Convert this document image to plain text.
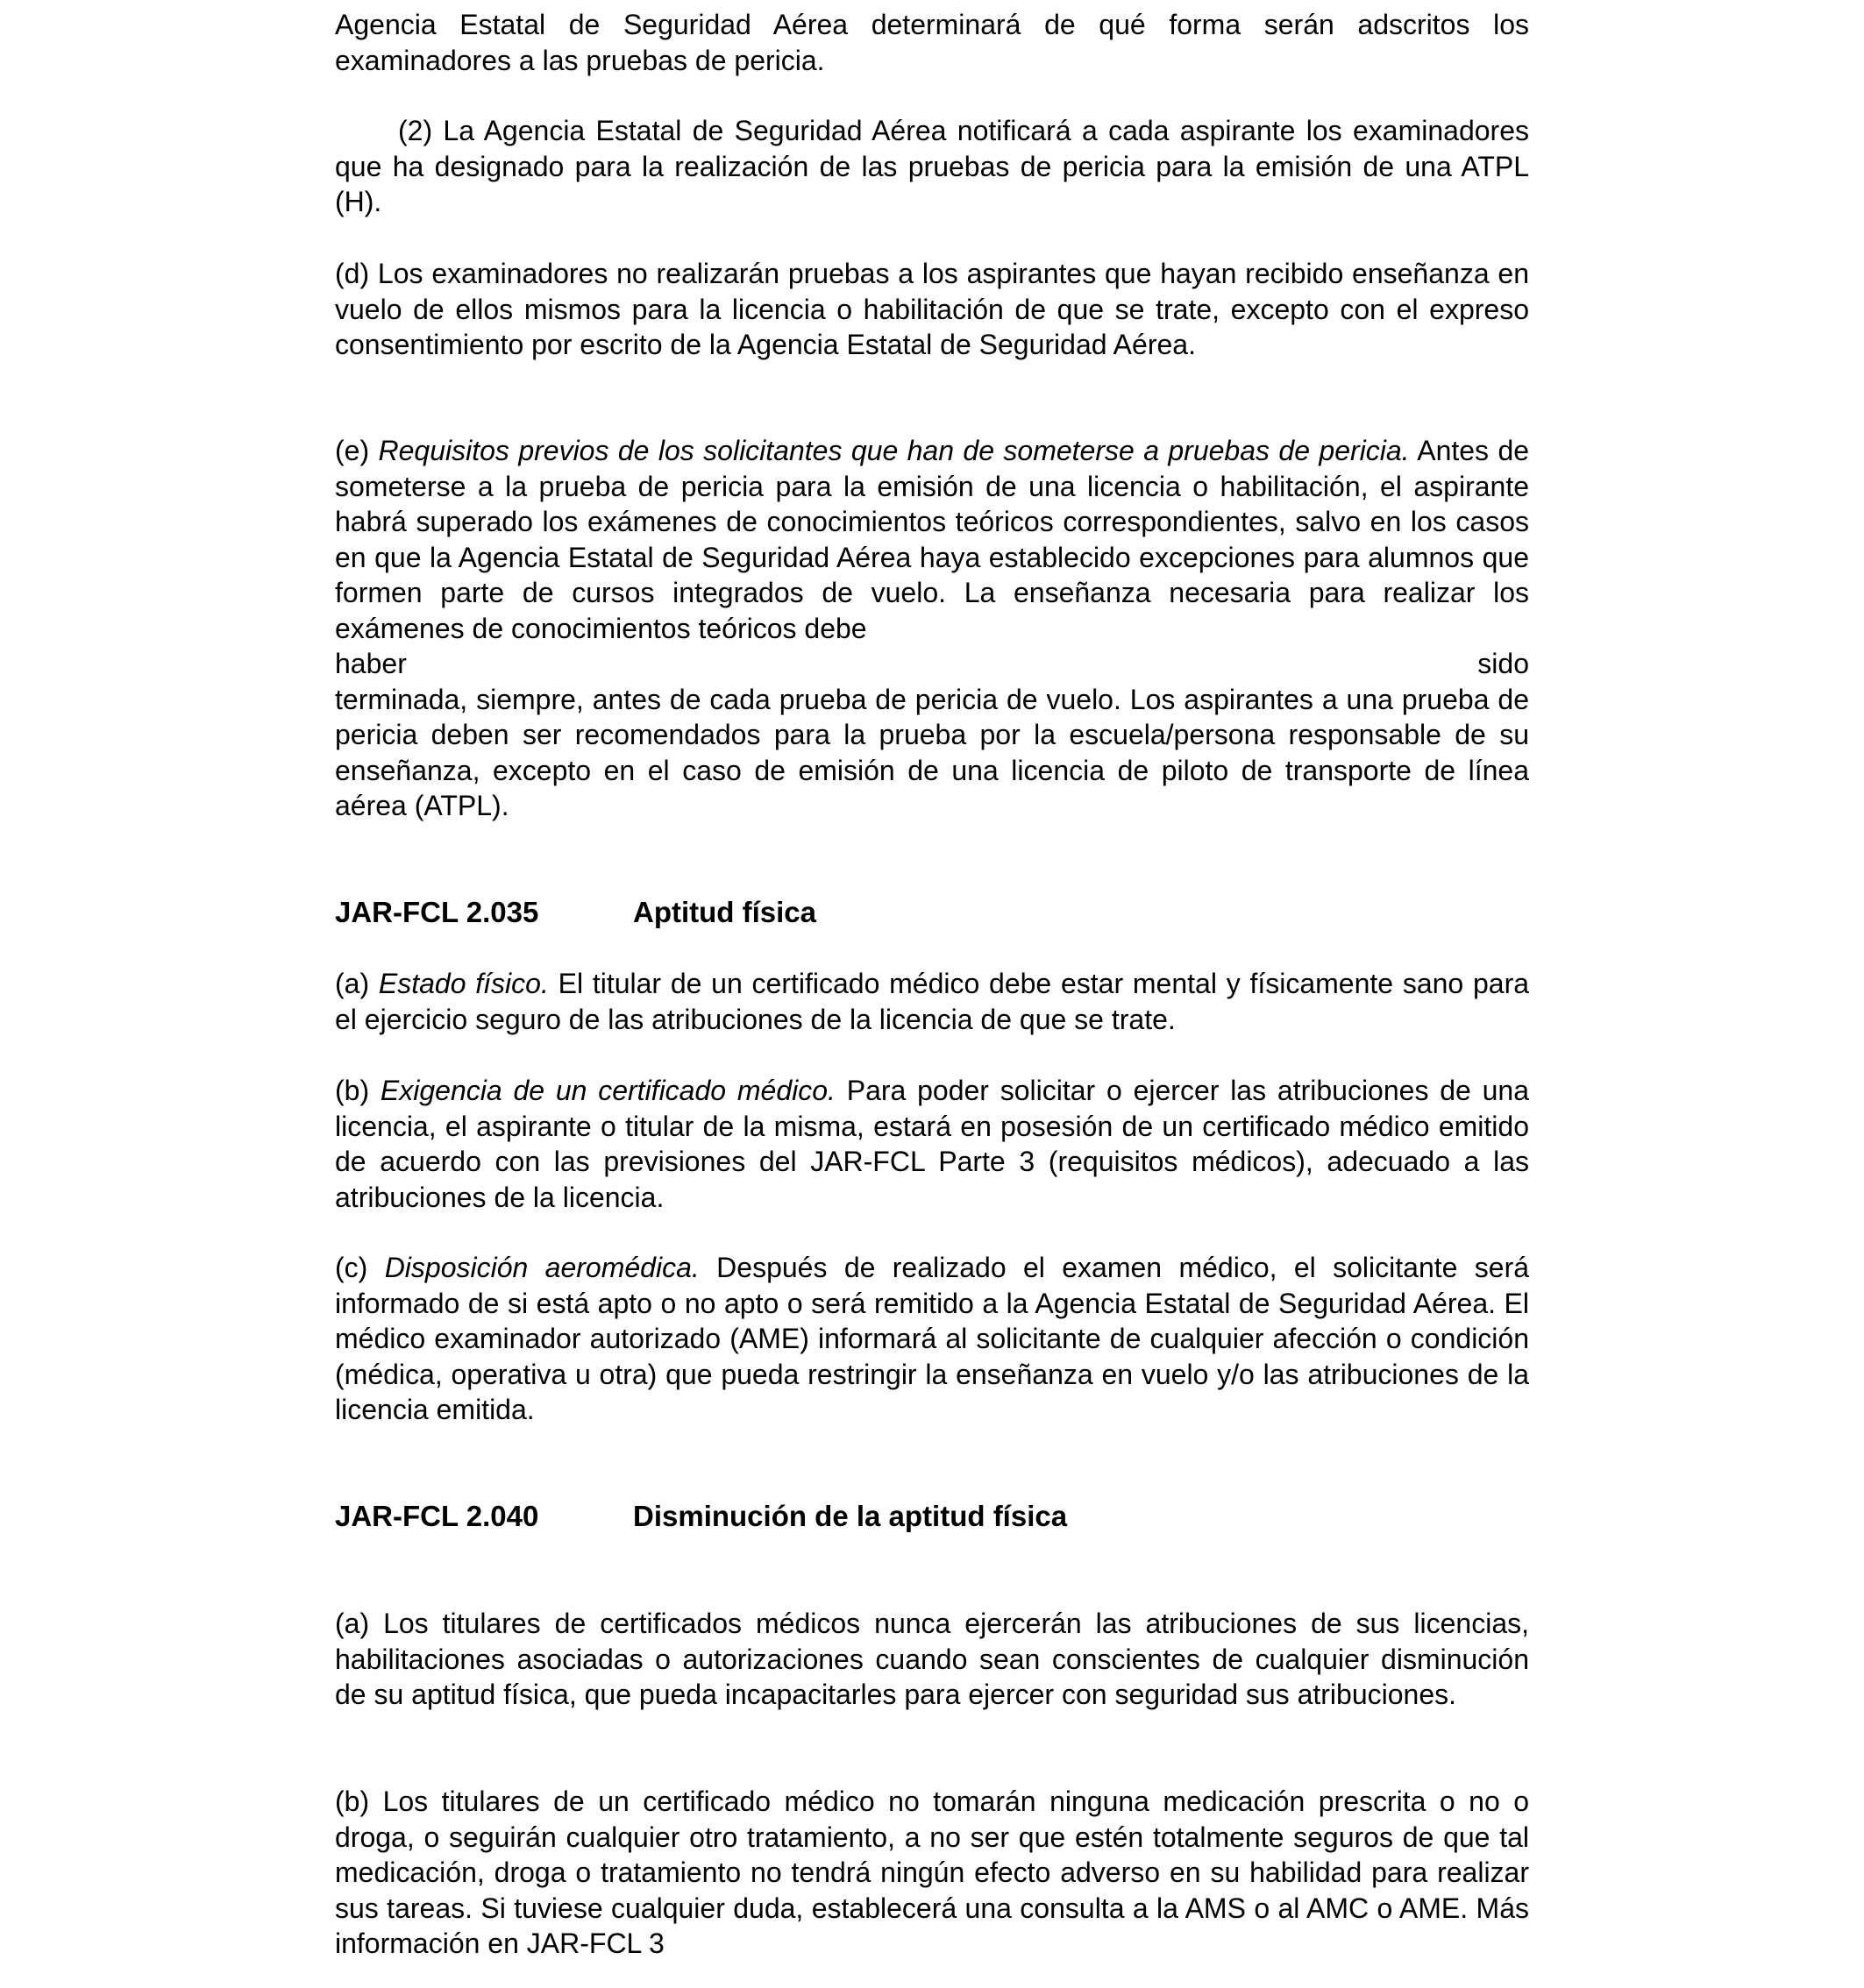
Agencia Estatal de Seguridad Aérea determinará de qué forma serán adscritos los examinadores a las pruebas de pericia.

(2) La Agencia Estatal de Seguridad Aérea notificará a cada aspirante los examinadores que ha designado para la realización de las pruebas de pericia para la emisión de una ATPL (H).

(d) Los examinadores no realizarán pruebas a los aspirantes que hayan recibido enseñanza en vuelo de ellos mismos para la licencia o habilitación de que se trate, excepto con el expreso consentimiento por escrito de la Agencia Estatal de Seguridad Aérea.

(e) Requisitos previos de los solicitantes que han de someterse a pruebas de pericia. Antes de someterse a la prueba de pericia para la emisión de una licencia o habilitación, el aspirante habrá superado los exámenes de conocimientos teóricos correspondientes, salvo en los casos en que la Agencia Estatal de Seguridad Aérea haya establecido excepciones para alumnos que formen parte de cursos integrados de vuelo. La enseñanza necesaria para realizar los exámenes de conocimientos teóricos debe

haber	sido

terminada, siempre, antes de cada prueba de pericia de vuelo. Los aspirantes a una prueba de pericia deben ser recomendados para la prueba por la escuela/persona responsable de su enseñanza, excepto en el caso de emisión de una licencia de piloto de transporte de línea aérea (ATPL).

JAR-FCL 2.035	Aptitud física

(a) Estado físico. El titular de un certificado médico debe estar mental y físicamente sano para el ejercicio seguro de las atribuciones de la licencia de que se trate.

(b) Exigencia de un certificado médico. Para poder solicitar o ejercer las atribuciones de una licencia, el aspirante o titular de la misma, estará en posesión de un certificado médico emitido de acuerdo con las previsiones del JAR-FCL Parte 3 (requisitos médicos), adecuado a las atribuciones de la licencia.

(c) Disposición aeromédica. Después de realizado el examen médico, el solicitante será informado de si está apto o no apto o será remitido a la Agencia Estatal de Seguridad Aérea. El médico examinador autorizado (AME) informará al solicitante de cualquier afección o condición (médica, operativa u otra) que pueda restringir la enseñanza en vuelo y/o las atribuciones de la licencia emitida.

JAR-FCL 2.040	Disminución de la aptitud física

(a) Los titulares de certificados médicos nunca ejercerán las atribuciones de sus licencias, habilitaciones asociadas o autorizaciones cuando sean conscientes de cualquier disminución de su aptitud física, que pueda incapacitarles para ejercer con seguridad sus atribuciones.

(b) Los titulares de un certificado médico no tomarán ninguna medicación prescrita o no o droga, o seguirán cualquier otro tratamiento, a no ser que estén totalmente seguros de que tal medicación, droga o tratamiento no tendrá ningún efecto adverso en su habilidad para realizar sus tareas. Si tuviese cualquier duda, establecerá una consulta a la AMS o al AMC o AME. Más información en JAR-FCL 3
